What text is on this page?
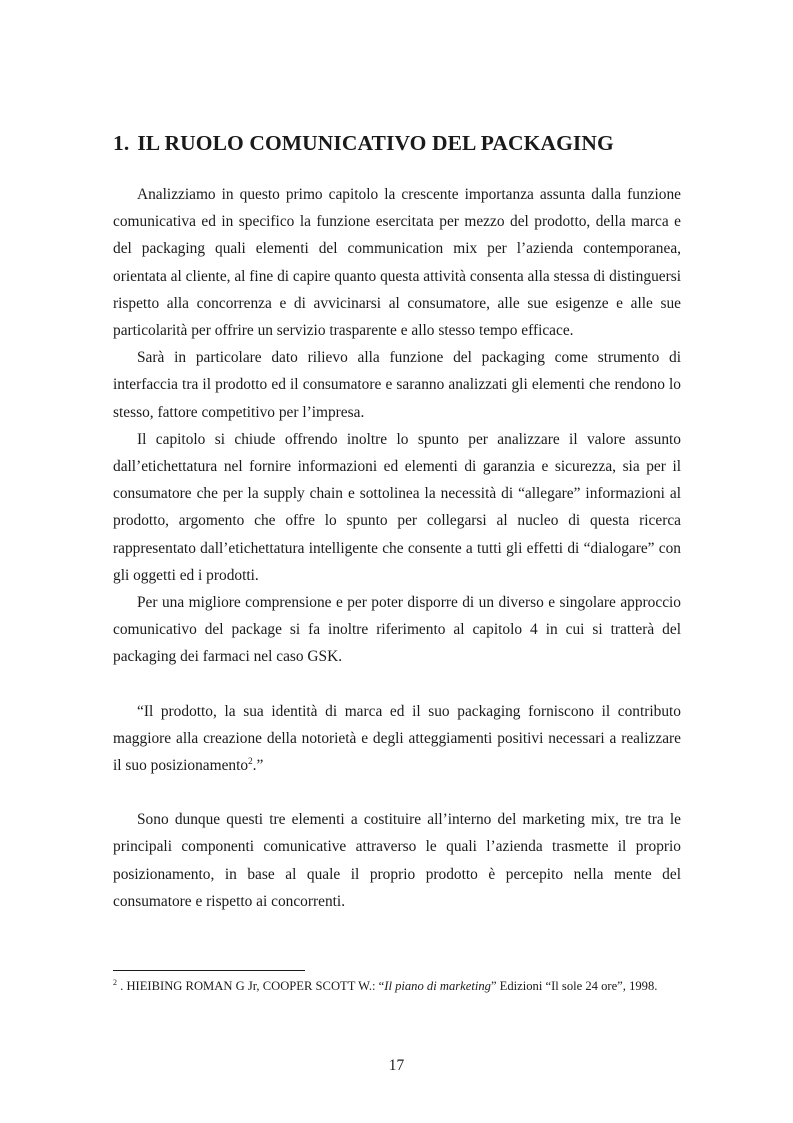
1. IL RUOLO COMUNICATIVO DEL PACKAGING

Analizziamo in questo primo capitolo la crescente importanza assunta dalla funzione comunicativa ed in specifico la funzione esercitata per mezzo del prodotto, della marca e del packaging quali elementi del communication mix per l’azienda contemporanea, orientata al cliente, al fine di capire quanto questa attività consenta alla stessa di distinguersi rispetto alla concorrenza e di avvicinarsi al consumatore, alle sue esigenze e alle sue particolarità per offrire un servizio trasparente e allo stesso tempo efficace.

Sarà in particolare dato rilievo alla funzione del packaging come strumento di interfaccia tra il prodotto ed il consumatore e saranno analizzati gli elementi che rendono lo stesso, fattore competitivo per l’impresa.

Il capitolo si chiude offrendo inoltre lo spunto per analizzare il valore assunto dall’etichettatura nel fornire informazioni ed elementi di garanzia e sicurezza, sia per il consumatore che per la supply chain e sottolinea la necessità di “allegare” informazioni al prodotto, argomento che offre lo spunto per collegarsi al nucleo di questa ricerca rappresentato dall’etichettatura intelligente che consente a tutti gli effetti di “dialogare” con gli oggetti ed i prodotti.

Per una migliore comprensione e per poter disporre di un diverso e singolare approccio comunicativo del package si fa inoltre riferimento al capitolo 4 in cui si tratterà del packaging dei farmaci nel caso GSK.

“Il prodotto, la sua identità di marca ed il suo packaging forniscono il contributo maggiore alla creazione della notorietà e degli atteggiamenti positivi necessari a realizzare il suo posizionamento$^2$.”

Sono dunque questi tre elementi a costituire all’interno del marketing mix, tre tra le principali componenti comunicative attraverso le quali l’azienda trasmette il proprio posizionamento, in base al quale il proprio prodotto è percepito nella mente del consumatore e rispetto ai concorrenti.

$^2$ . HIEIBING ROMAN G Jr, COOPER SCOTT W.: “Il piano di marketing” Edizioni “Il sole 24 ore”, 1998.
17
